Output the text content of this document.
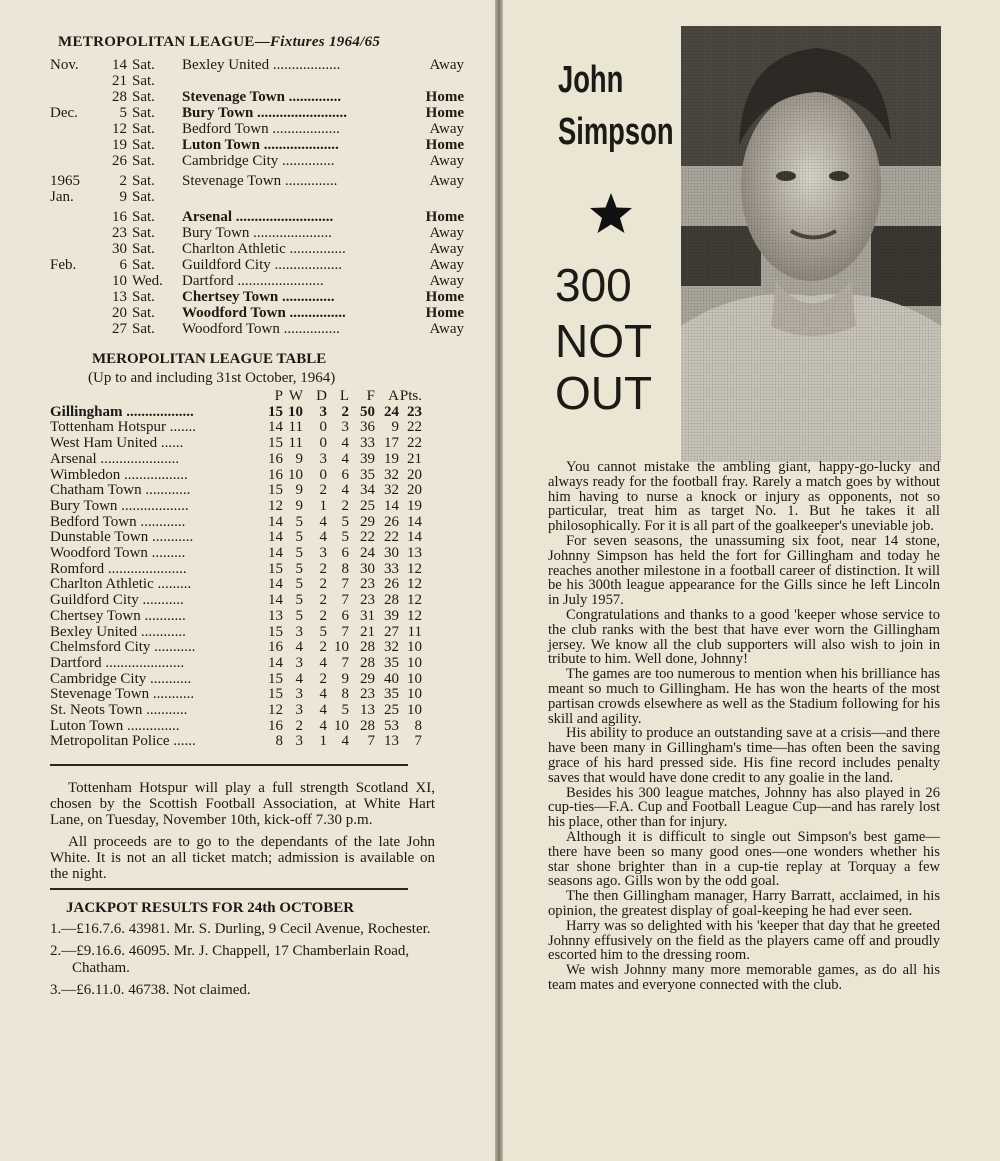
METROPOLITAN LEAGUE—Fixtures 1964/65
Nov.	14 Sat.	Bexley United ..................	Away
21 Sat.
28 Sat.	Stevenage Town ..............	Home
Dec.	5 Sat.	Bury Town ........................	Home
12 Sat.	Bedford Town ..................	Away
19 Sat.	Luton Town ....................	Home
26 Sat.	Cambridge City ..............	Away
1965	2 Sat.	Stevenage Town ..............	Away
Jan.	9 Sat.
16 Sat.	Arsenal ..........................	Home
23 Sat.	Bury Town .....................	Away
30 Sat.	Charlton Athletic ...............	Away
Feb.	6 Sat.	Guildford City ..................	Away
10 Wed.	Dartford .......................	Away
13 Sat.	Chertsey Town ..............	Home
20 Sat.	Woodford Town ...............	Home
27 Sat.	Woodford Town ...............	Away
MEROPOLITAN LEAGUE TABLE
(Up to and including 31st October, 1964)
P W D L	F A Pts.
Gillingham ..................	15 10	3 2 50 24 23
Tottenham Hotspur .......	14 11	0 3 36	9 22
West Ham United ......	15 11	0 4 33 17 22
Arsenal .....................	16 9	3 4 39 19 21
Wimbledon .................	16 10	0 6 35 32 20
Chatham Town ............	15 9	2 4 34 32 20
Bury Town ..................	12 9	1 2 25 14 19
Bedford Town ............	14 5	4 5 29 26 14
Dunstable Town ...........	14 5	4 5 22 22 14
Woodford Town .........	14 5	3 6 24 30 13
Romford .....................	15 5	2 8 30 33 12
Charlton Athletic .........	14 5	2 7 23 26 12
Guildford City ...........	14 5	2 7 23 28 12
Chertsey Town ...........	13 5	2 6 31 39 12
Bexley United ............	15 3	5 7 21 27 11
Chelmsford City ...........	16 4	2 10 28 32 10
Dartford .....................	14 3	4 7 28 35 10
Cambridge City ...........	15 4	2 9 29 40 10
Stevenage Town ...........	15 3	4 8 23 35 10
St. Neots Town ...........	12 3	4 5 13 25 10
Luton Town ..............	16 2	4 10 28 53	8
Metropolitan Police ......	8 3	1 4	7 13	7

Tottenham Hotspur will play a full strength Scotland XI, chosen by the Scottish Football Association, at White Hart Lane, on Tuesday, November 10th, kick-off 7.30 p.m.

All proceeds are to go to the dependants of the late John White. It is not an all ticket match; admission is available on the night.

JACKPOT RESULTS FOR 24th OCTOBER
1.—£16.7.6. 43981. Mr. S. Durling, 9 Cecil Avenue, Rochester.
2.—£9.16.6. 46095. Mr. J. Chappell, 17 Chamberlain Road, Chatham.
3.—£6.11.0. 46738. Not claimed.
John
Simpson
300
NOT
OUT

You cannot mistake the ambling giant, happy-go-lucky and always ready for the football fray. Rarely a match goes by without him having to nurse a knock or injury as opponents, not so particular, treat him as target No. 1. But he takes it all philosophically. For it is all part of the goalkeeper's uneviable job.

For seven seasons, the unassuming six foot, near 14 stone, Johnny Simpson has held the fort for Gillingham and today he reaches another milestone in a football career of distinction. It will be his 300th league appearance for the Gills since he left Lincoln in July 1957.

Congratulations and thanks to a good 'keeper whose service to the club ranks with the best that have ever worn the Gillingham jersey. We know all the club supporters will also wish to join in tribute to him. Well done, Johnny!

The games are too numerous to mention when his brilliance has meant so much to Gillingham. He has won the hearts of the most partisan crowds elsewhere as well as the Stadium following for his skill and agility.

His ability to produce an outstanding save at a crisis—and there have been many in Gillingham's time—has often been the saving grace of his hard pressed side. His fine record includes penalty saves that would have done credit to any goalie in the land.

Besides his 300 league matches, Johnny has also played in 26 cup-ties—F.A. Cup and Football League Cup—and has rarely lost his place, other than for injury.

Although it is difficult to single out Simpson's best game—there have been so many good ones—one wonders whether his star shone brighter than in a cup-tie replay at Torquay a few seasons ago. Gills won by the odd goal.

The then Gillingham manager, Harry Barratt, acclaimed, in his opinion, the greatest display of goal-keeping he had ever seen.

Harry was so delighted with his 'keeper that day that he greeted Johnny effusively on the field as the players came off and proudly escorted him to the dressing room.

We wish Johnny many more memorable games, as do all his team mates and everyone connected with the club.
